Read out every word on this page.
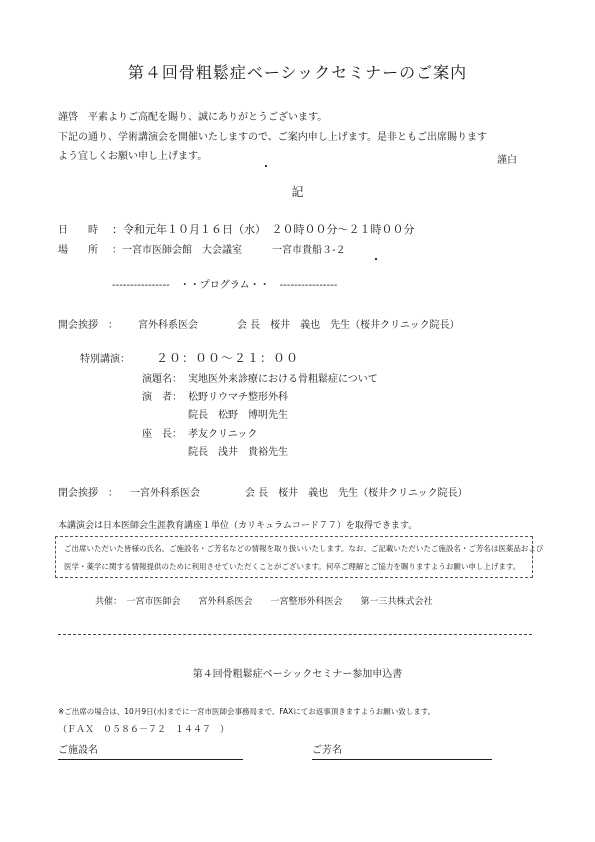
第４回骨粗鬆症ベーシックセミナーのご案内
謹啓　平素よりご高配を賜り、誠にありがとうございます。
下記の通り、学術講演会を開催いたしますので、ご案内申し上げます。是非ともご出席賜ります
よう宜しくお願い申し上げます。	謹白
記
日　　時 ：令和元年１０月１６日（水）　２０時００分～２１時００分
場　　所 ：一宮市医師会館　大会議室　　　一宮市貴船３-２
----------------　・・プログラム・・　----------------
開会挨拶　： 宮外科系医会	会 長　桜井　義也　先生（桜井クリニック院長）
特別講演： ２０：００～２１：００
演題名： 実地医外来診療における骨粗鬆症について
演　者： 松野リウマチ整形外科
院長　松野　博明先生
座　長： 孝友クリニック
院長　浅井　貴裕先生
閉会挨拶　： 一宮外科系医会	会 長　桜井　義也　先生（桜井クリニック院長）
本講演会は日本医師会生涯教育講座１単位（カリキュラムコード７７）を取得できます。
ご出席いただいた皆様の氏名、ご施設名・ご芳名などの情報を取り扱いいたします。なお、ご記載いただいたご施設名・ご芳名は医薬品および
医学・薬学に関する情報提供のために利用させていただくことがございます。何卒ご理解とご協力を賜りますようお願い申し上げます。
共催：　一宮市医師会　　宮外科系医会　　一宮整形外科医会　　第一三共株式会社
第４回骨粗鬆症ベーシックセミナー参加申込書
※ご出席の場合は、10月9日(水)までに一宮市医師会事務局まで、FAXにてお返事頂きますようお願い致します。
（ＦＡＸ　０５８６－７２　１４４７　）
ご施設名	ご芳名
